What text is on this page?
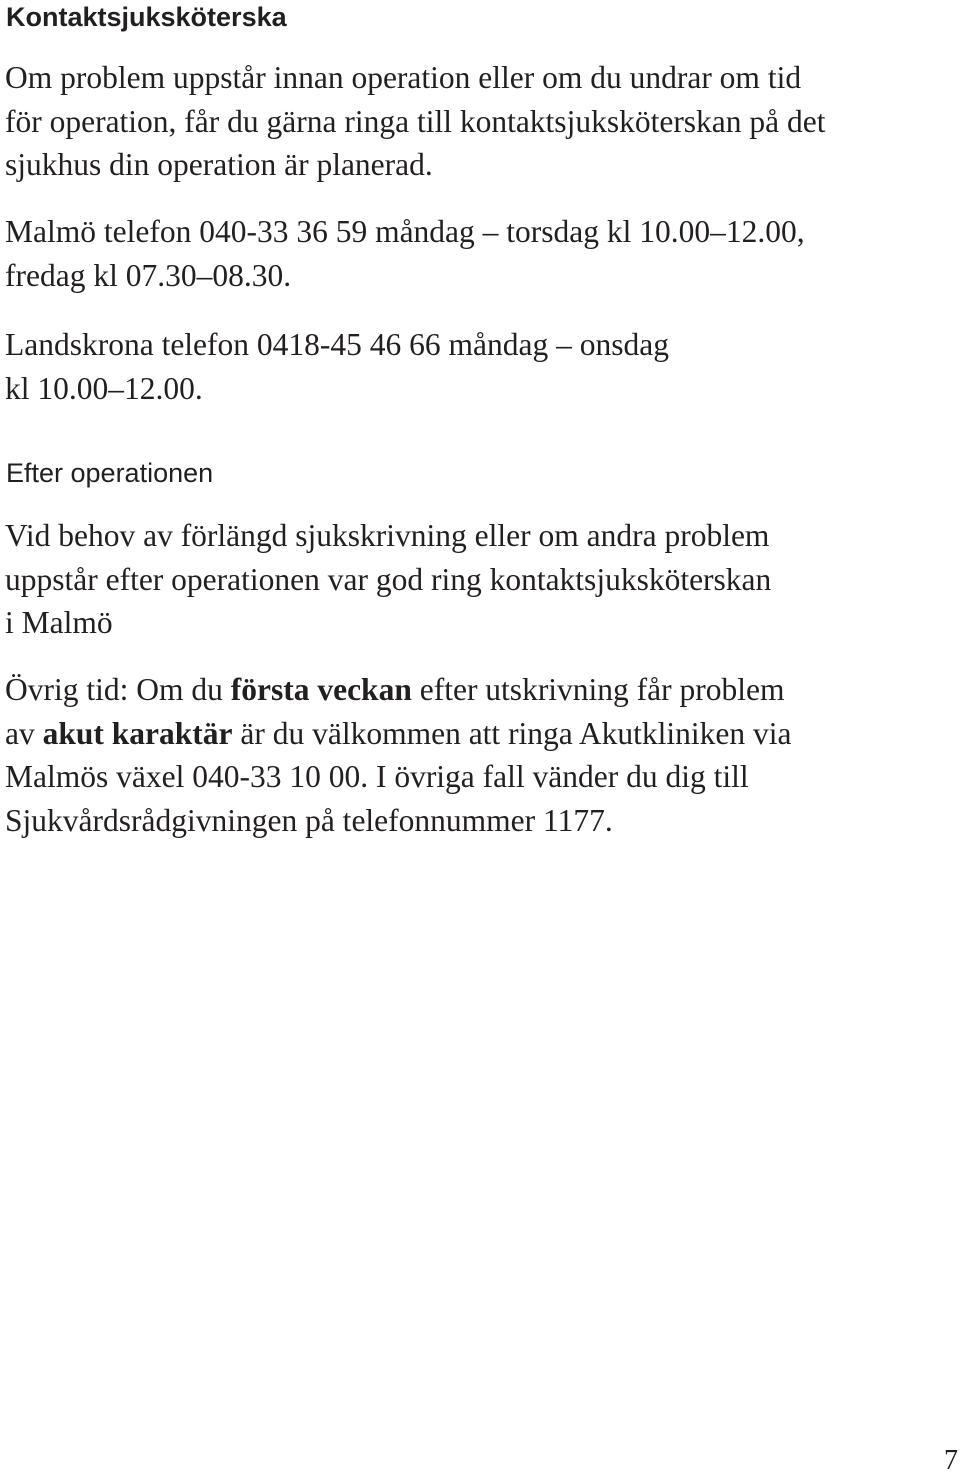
Kontaktsjuksköterska

Om problem uppstår innan operation eller om du undrar om tid
för operation, får du gärna ringa till kontaktsjuksköterskan på det
sjukhus din operation är planerad.

Malmö telefon 040-33 36 59 måndag – torsdag kl 10.00–12.00,
fredag kl 07.30–08.30.

Landskrona telefon 0418-45 46 66 måndag – onsdag
kl 10.00–12.00.

Efter operationen

Vid behov av förlängd sjukskrivning eller om andra problem
uppstår efter operationen var god ring kontaktsjuksköterskan
i Malmö

Övrig tid: Om du första veckan efter utskrivning får problem
av akut karaktär är du välkommen att ringa Akutkliniken via
Malmös växel 040-33 10 00. I övriga fall vänder du dig till
Sjukvårdsrådgivningen på telefonnummer 1177.

7
